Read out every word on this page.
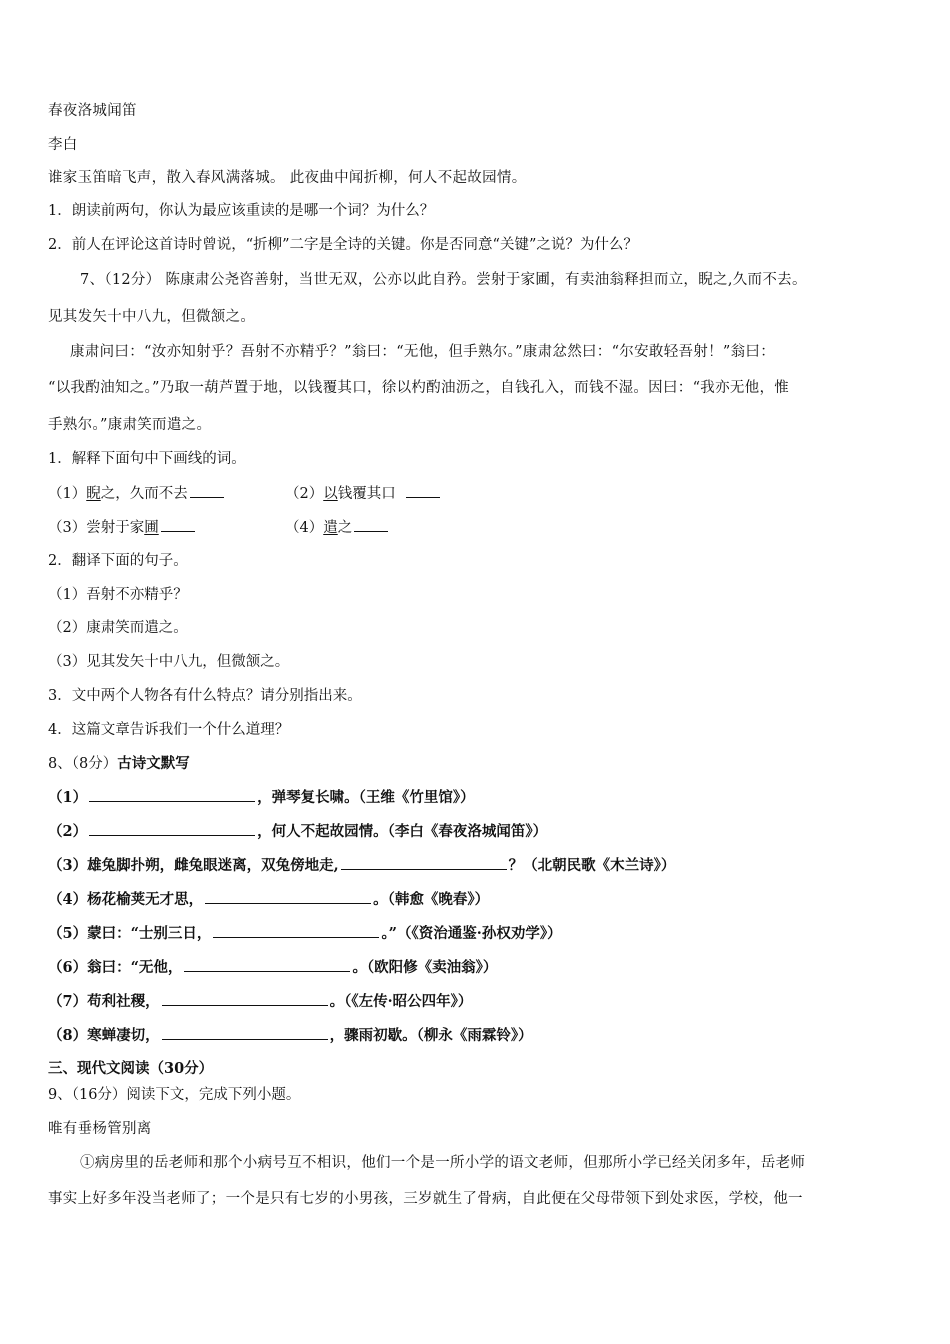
春夜洛城闻笛
李白
谁家玉笛暗飞声，散入春风满落城。 此夜曲中闻折柳，何人不起故园情。
1．朗读前两句，你认为最应该重读的是哪一个词？为什么？
2．前人在评论这首诗时曾说，“折柳”二字是全诗的关键。你是否同意“关键”之说？为什么？
7、（12分） 陈康肃公尧咨善射，当世无双，公亦以此自矜。尝射于家圃，有卖油翁释担而立，睨之,久而不去。
见其发矢十中八九，但微颔之。
康肃问曰：“汝亦知射乎？吾射不亦精乎？”翁曰：“无他，但手熟尔。”康肃忿然曰：“尔安敢轻吾射！”翁曰：
“以我酌油知之。”乃取一葫芦置于地，以钱覆其口，徐以杓酌油沥之，自钱孔入，而钱不湿。因曰：“我亦无他，惟
手熟尔。”康肃笑而遣之。
1．解释下面句中下画线的词。
（1）睨之，久而不去	（2）以钱覆其口
（3）尝射于家圃	（4）遣之
2．翻译下面的句子。
（1）吾射不亦精乎？
（2）康肃笑而遣之。
（3）见其发矢十中八九，但微颔之。
3．文中两个人物各有什么特点？请分别指出来。
4．这篇文章告诉我们一个什么道理？
8、（8分）古诗文默写
（1）	，弹琴复长啸。（王维《竹里馆》）
（2）	，何人不起故园情。（李白《春夜洛城闻笛》）
（3）雄兔脚扑朔，雌兔眼迷离，双兔傍地走,	？（北朝民歌《木兰诗》）
（4）杨花榆荚无才思，	。（韩愈《晚春》）
（5）蒙曰：“士别三日，	。”（《资治通鉴·孙权劝学》）
（6）翁曰：“无他，	。（欧阳修《卖油翁》）
（7）苟利社稷，	。（《左传·昭公四年》）
（8）寒蝉凄切，	，骤雨初歇。（柳永《雨霖铃》）
三、现代文阅读（30分）
9、（16分）阅读下文，完成下列小题。
唯有垂杨管别离
①病房里的岳老师和那个小病号互不相识，他们一个是一所小学的语文老师，但那所小学已经关闭多年，岳老师
事实上好多年没当老师了；一个是只有七岁的小男孩，三岁就生了骨病，自此便在父母带领下到处求医，学校，他一
